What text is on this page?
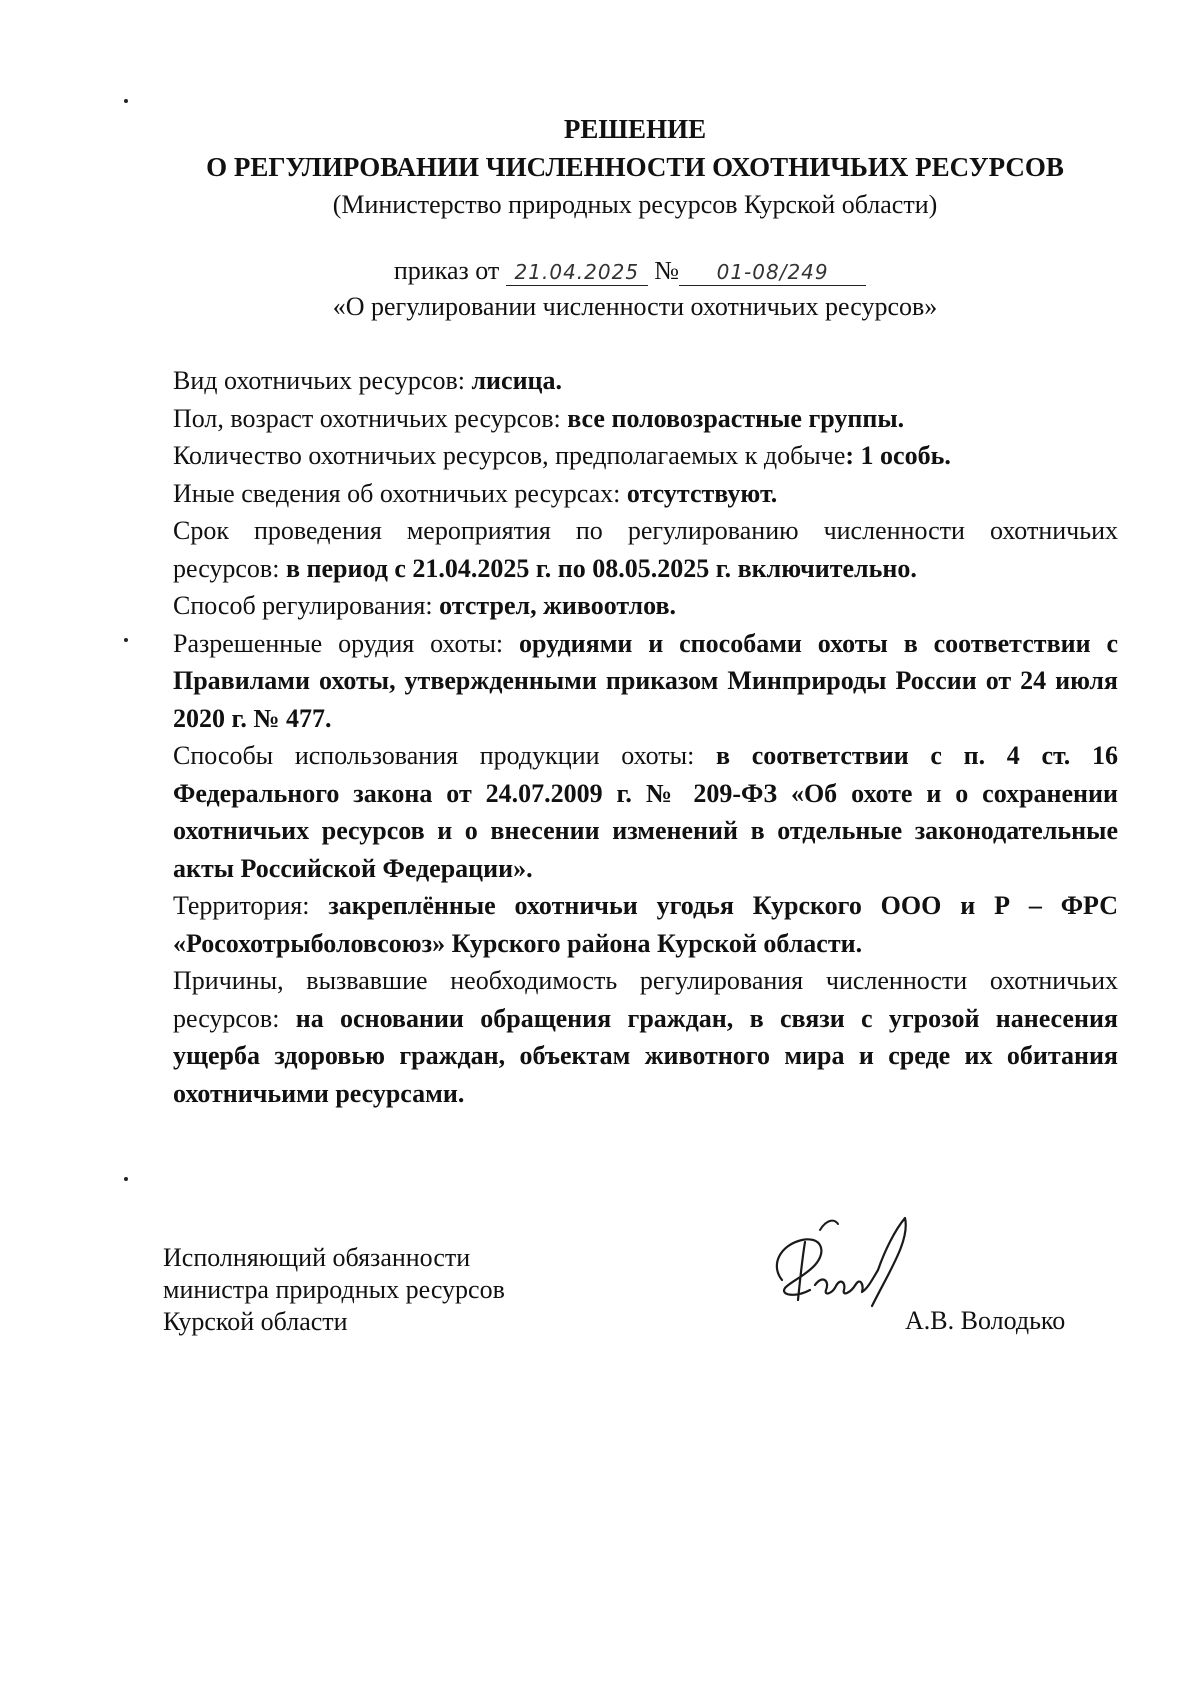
РЕШЕНИЕ
О РЕГУЛИРОВАНИИ ЧИСЛЕННОСТИ ОХОТНИЧЬИХ РЕСУРСОВ
(Министерство природных ресурсов Курской области)
приказ от 21.04.2025 № 01-08/249
«О регулировании численности охотничьих ресурсов»

Вид охотничьих ресурсов: лисица.

Пол, возраст охотничьих ресурсов: все половозрастные группы.

Количество охотничьих ресурсов, предполагаемых к добыче: 1 особь.

Иные сведения об охотничьих ресурсах: отсутствуют.

Срок проведения мероприятия по регулированию численности охотничьих ресурсов: в период с 21.04.2025 г. по 08.05.2025 г. включительно.

Способ регулирования: отстрел, живоотлов.

Разрешенные орудия охоты: орудиями и способами охоты в соответствии с Правилами охоты, утвержденными приказом Минприроды России от 24 июля 2020 г. № 477.

Способы использования продукции охоты: в соответствии с п. 4 ст. 16 Федерального закона от 24.07.2009 г. № 209-ФЗ «Об охоте и о сохранении охотничьих ресурсов и о внесении изменений в отдельные законодательные акты Российской Федерации».

Территория: закреплённые охотничьи угодья Курского ООО и Р – ФРС «Росохотрыболовсоюз» Курского района Курской области.

Причины, вызвавшие необходимость регулирования численности охотничьих ресурсов: на основании обращения граждан, в связи с угрозой нанесения ущерба здоровью граждан, объектам животного мира и среде их обитания охотничьими ресурсами.

Исполняющий обязанности
министра природных ресурсов
Курской области	А.В. Володько
